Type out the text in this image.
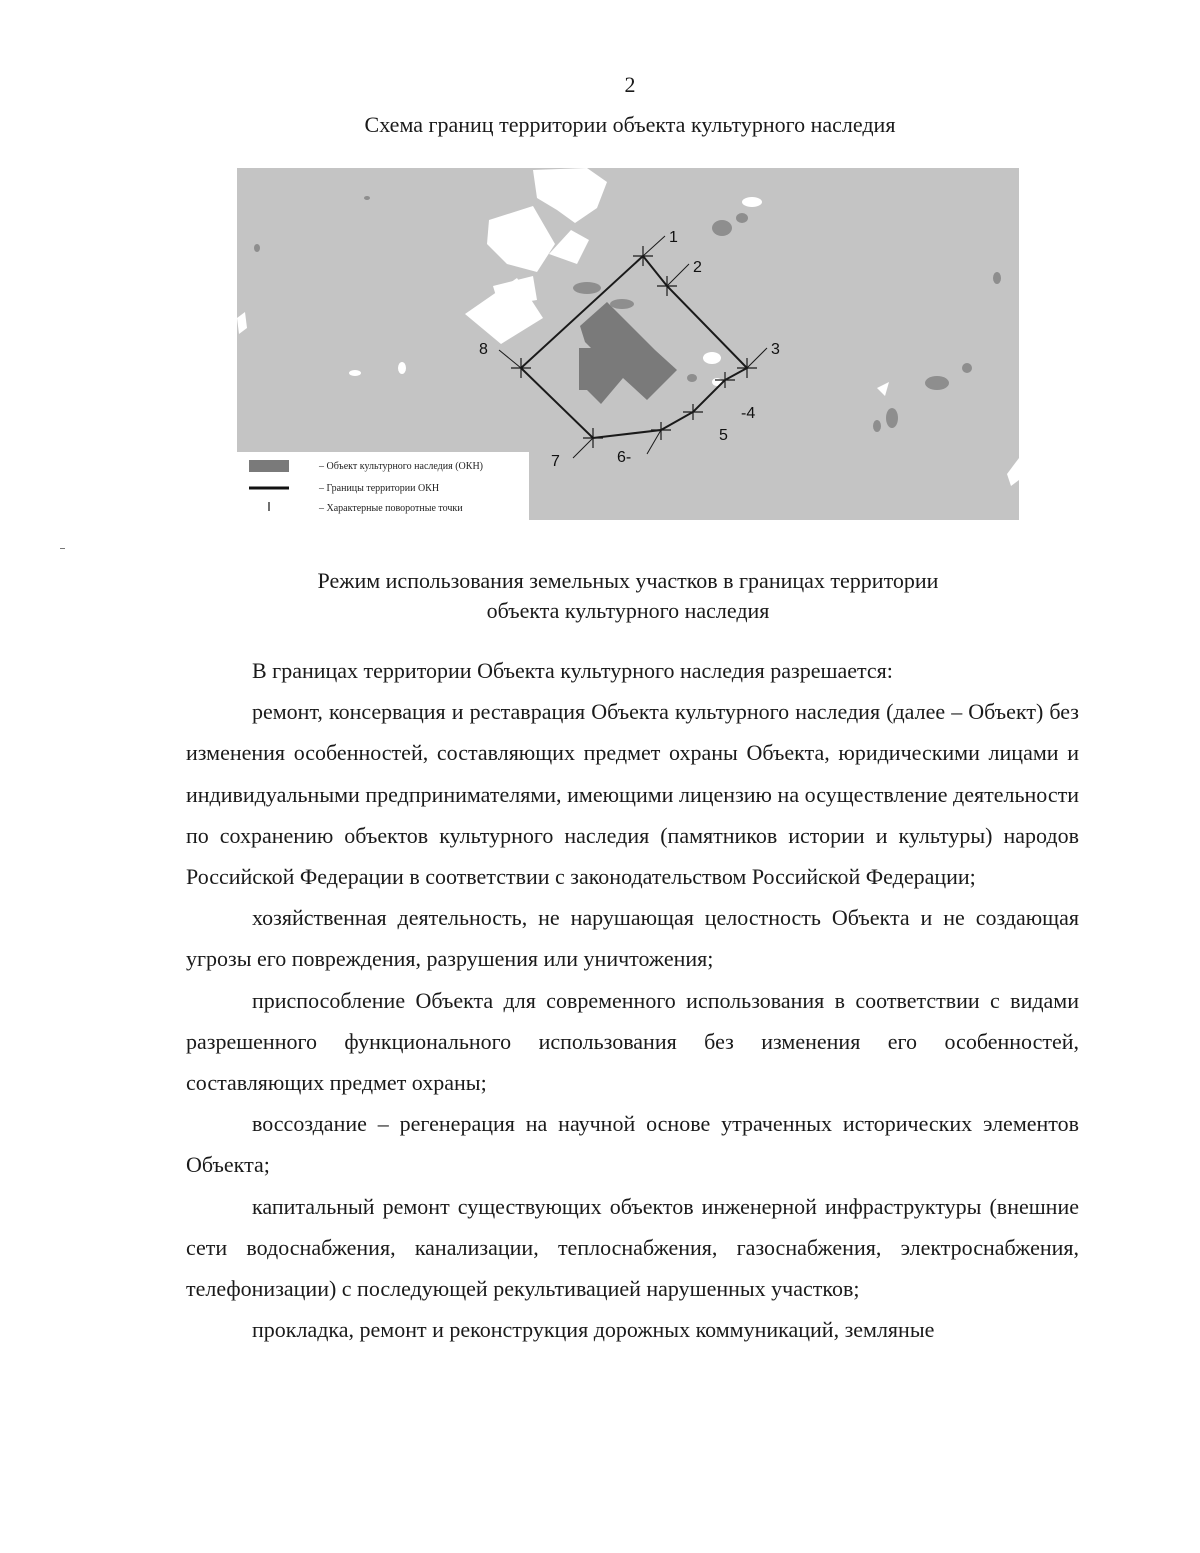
2
Схема границ территории объекта культурного наследия
1
2
3
-4
5
6-
7
8
– Объект культурного наследия (ОКН)
– Границы территории ОКН
– Характерные поворотные точки
Режим использования земельных участков в границах территории
объекта культурного наследия

В границах территории Объекта культурного наследия разрешается:

ремонт, консервация и реставрация Объекта культурного наследия (далее – Объект) без изменения особенностей, составляющих предмет охраны Объекта, юридическими лицами и индивидуальными предпринимателями, имеющими лицензию на осуществление деятельности по сохранению объектов культурного наследия (памятников истории и культуры) народов Российской Федерации в соответствии с законодательством Российской Федерации;

хозяйственная деятельность, не нарушающая целостность Объекта и не создающая угрозы его повреждения, разрушения или уничтожения;

приспособление Объекта для современного использования в соответствии с видами разрешенного функционального использования без изменения его особенностей, составляющих предмет охраны;

воссоздание – регенерация на научной основе утраченных исторических элементов Объекта;

капитальный ремонт существующих объектов инженерной инфраструктуры (внешние сети водоснабжения, канализации, теплоснабжения, газоснабжения, электроснабжения, телефонизации) с последующей рекультивацией нарушенных участков;

прокладка, ремонт и реконструкция дорожных коммуникаций, земляные
